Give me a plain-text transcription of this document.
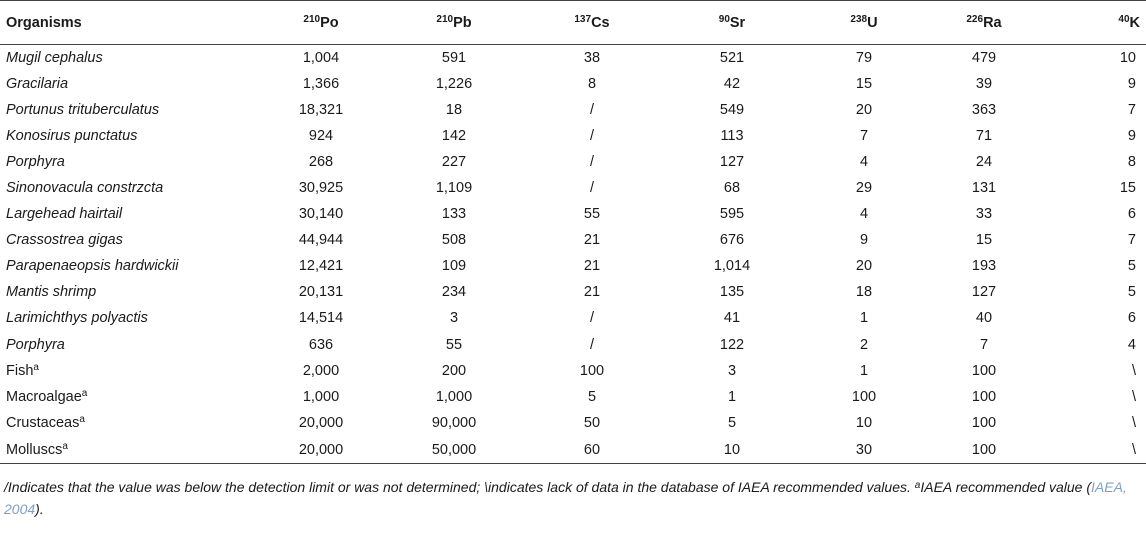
Organisms	$^{210}$Po	$^{210}$Pb	$^{137}$Cs	$^{90}$Sr	$^{238}$U	$^{226}$Ra	$^{40}$K
Mugil cephalus	1,004	591	38	521	79	479	10
Gracilaria	1,366	1,226	8	42	15	39	9
Portunus trituberculatus	18,321	18	/	549	20	363	7
Konosirus punctatus	924	142	/	113	7	71	9
Porphyra	268	227	/	127	4	24	8
Sinonovacula constrzcta	30,925	1,109	/	68	29	131	15
Largehead hairtail	30,140	133	55	595	4	33	6
Crassostrea gigas	44,944	508	21	676	9	15	7
Parapenaeopsis hardwickii	12,421	109	21	1,014	20	193	5
Mantis shrimp	20,131	234	21	135	18	127	5
Larimichthys polyactis	14,514	3	/	41	1	40	6
Porphyra	636	55	/	122	2	7	4
Fish$^a$	2,000	200	100	3	1	100	\
Macroalgae$^a$	1,000	1,000	5	1	100	100	\
Crustaceas$^a$	20,000	90,000	50	5	10	100	\
Molluscs$^a$	20,000	50,000	60	10	30	100	\

/Indicates that the value was below the detection limit or was not determined; \indicates lack of data in the database of IAEA recommended values. $^a$IAEA recommended value (IAEA, 2004).
